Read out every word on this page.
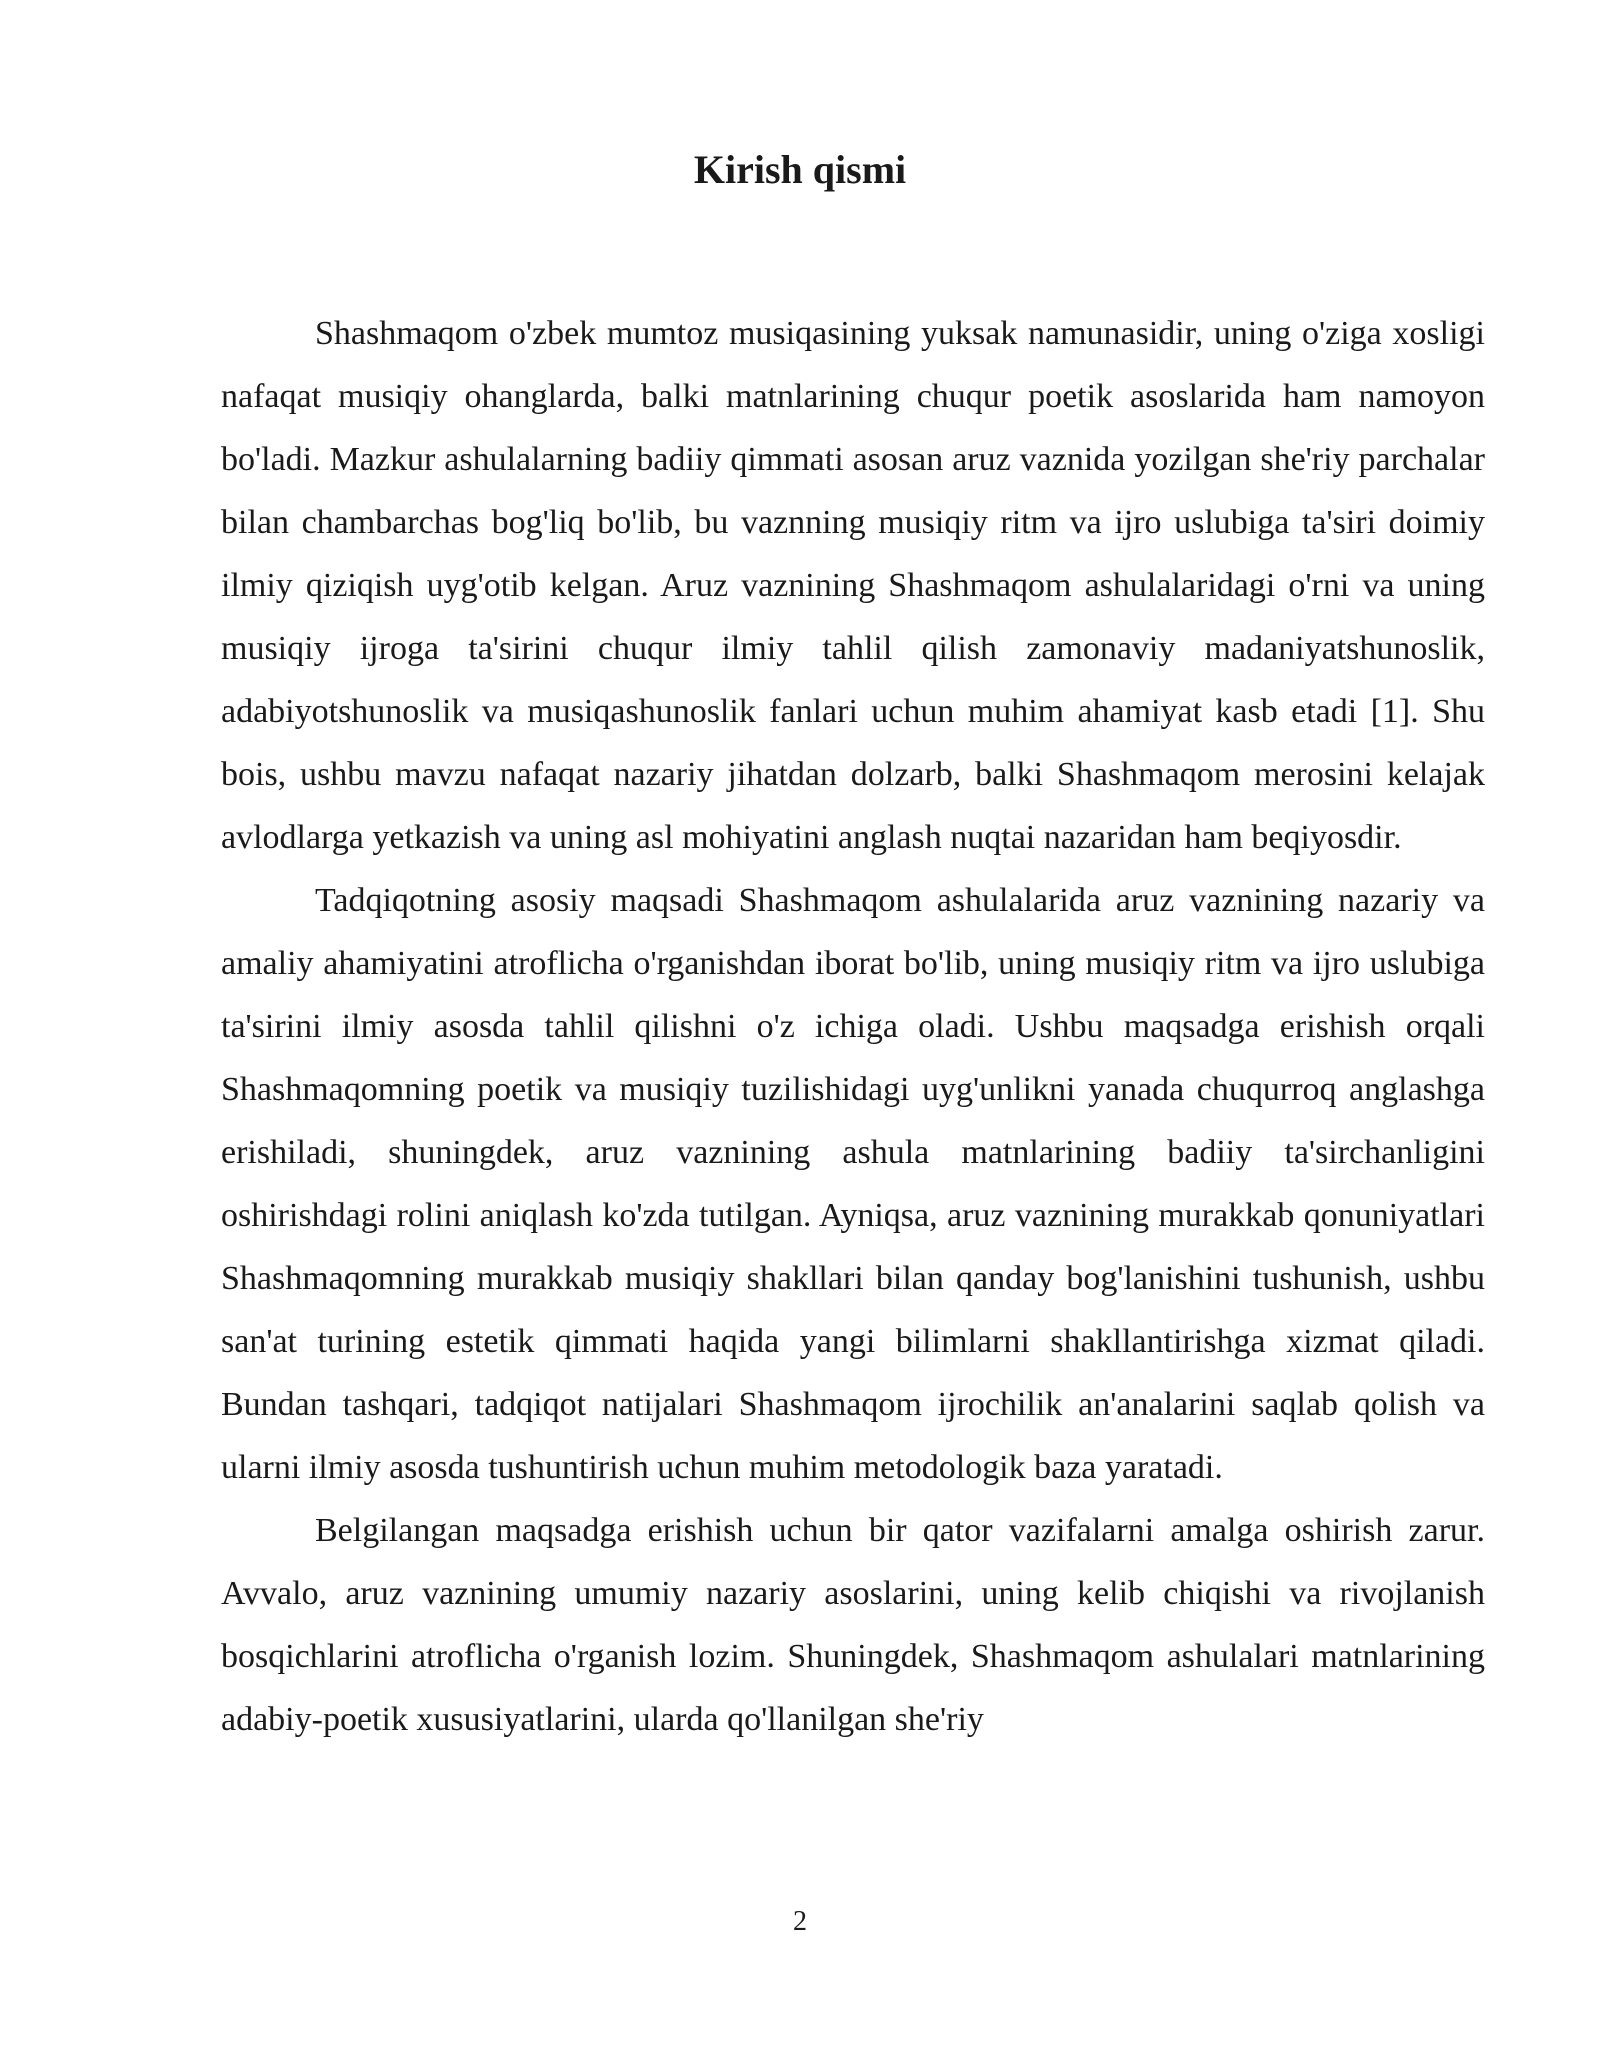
Kirish qismi

Shashmaqom o'zbek mumtoz musiqasining yuksak namunasidir, uning o'ziga xosligi nafaqat musiqiy ohanglarda, balki matnlarining chuqur poetik asoslarida ham namoyon bo'ladi. Mazkur ashulalarning badiiy qimmati asosan aruz vaznida yozilgan she'riy parchalar bilan chambarchas bog'liq bo'lib, bu vaznning musiqiy ritm va ijro uslubiga ta'siri doimiy ilmiy qiziqish uyg'otib kelgan. Aruz vaznining Shashmaqom ashulalaridagi o'rni va uning musiqiy ijroga ta'sirini chuqur ilmiy tahlil qilish zamonaviy madaniyatshunoslik, adabiyotshunoslik va musiqashunoslik fanlari uchun muhim ahamiyat kasb etadi [1]. Shu bois, ushbu mavzu nafaqat nazariy jihatdan dolzarb, balki Shashmaqom merosini kelajak avlodlarga yetkazish va uning asl mohiyatini anglash nuqtai nazaridan ham beqiyosdir.

Tadqiqotning asosiy maqsadi Shashmaqom ashulalarida aruz vaznining nazariy va amaliy ahamiyatini atroflicha o'rganishdan iborat bo'lib, uning musiqiy ritm va ijro uslubiga ta'sirini ilmiy asosda tahlil qilishni o'z ichiga oladi. Ushbu maqsadga erishish orqali Shashmaqomning poetik va musiqiy tuzilishidagi uyg'unlikni yanada chuqurroq anglashga erishiladi, shuningdek, aruz vaznining ashula matnlarining badiiy ta'sirchanligini oshirishdagi rolini aniqlash ko'zda tutilgan. Ayniqsa, aruz vaznining murakkab qonuniyatlari Shashmaqomning murakkab musiqiy shakllari bilan qanday bog'lanishini tushunish, ushbu san'at turining estetik qimmati haqida yangi bilimlarni shakllantirishga xizmat qiladi. Bundan tashqari, tadqiqot natijalari Shashmaqom ijrochilik an'analarini saqlab qolish va ularni ilmiy asosda tushuntirish uchun muhim metodologik baza yaratadi.

Belgilangan maqsadga erishish uchun bir qator vazifalarni amalga oshirish zarur. Avvalo, aruz vaznining umumiy nazariy asoslarini, uning kelib chiqishi va rivojlanish bosqichlarini atroflicha o'rganish lozim. Shuningdek, Shashmaqom ashulalari matnlarining adabiy-poetik xususiyatlarini, ularda qo'llanilgan she'riy

2
